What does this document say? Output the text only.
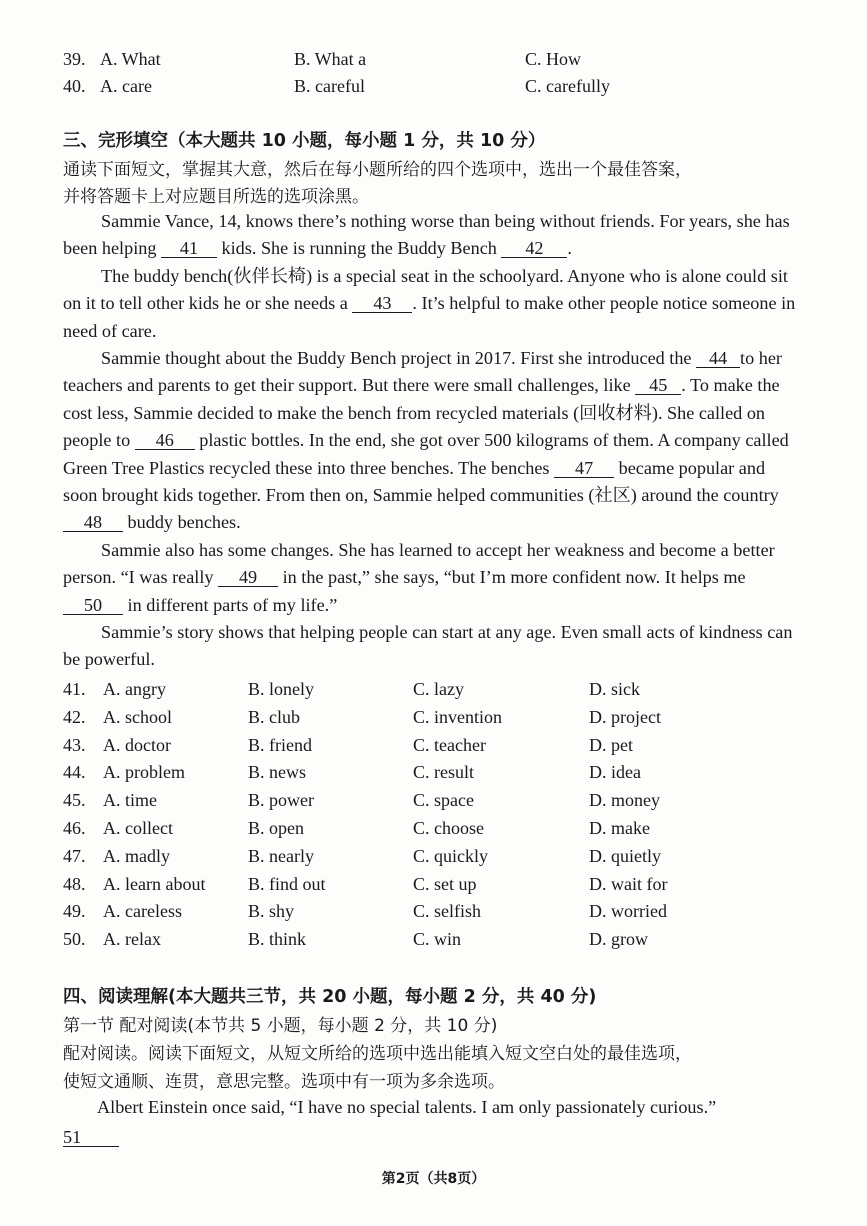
39. A. What	B. What a	C. How
40. A. care	B. careful	C. carefully
三、完形填空（本大题共 10 小题，每小题 1 分，共 10 分）
通读下面短文，掌握其大意，然后在每小题所给的四个选项中，选出一个最佳答案，
并将答题卡上对应题目所选的选项涂黑。
Sammie Vance, 14, knows there’s nothing worse than being without friends. For years, she has been helping 41 kids. She is running the Buddy Bench 42 .
The buddy bench(伙伴长椅) is a special seat in the schoolyard. Anyone who is alone could sit on it to tell other kids he or she needs a 43 . It’s helpful to make other people notice someone in need of care.
Sammie thought about the Buddy Bench project in 2017. First she introduced the 44 to her teachers and parents to get their support. But there were small challenges, like 45 . To make the cost less, Sammie decided to make the bench from recycled materials (回收材料). She called on people to 46 plastic bottles. In the end, she got over 500 kilograms of them. A company called Green Tree Plastics recycled these into three benches. The benches 47 became popular and soon brought kids together. From then on, Sammie helped communities (社区) around the country 48 buddy benches.
Sammie also has some changes. She has learned to accept her weakness and become a better person. “I was really 49 in the past,” she says, “but I’m more confident now. It helps me 50 in different parts of my life.”
Sammie’s story shows that helping people can start at any age. Even small acts of kindness can be powerful.
41. A. angry	B. lonely	C. lazy	D. sick
42. A. school	B. club	C. invention	D. project
43. A. doctor	B. friend	C. teacher	D. pet
44. A. problem	B. news	C. result	D. idea
45. A. time	B. power	C. space	D. money
46. A. collect	B. open	C. choose	D. make
47. A. madly	B. nearly	C. quickly	D. quietly
48. A. learn about B. find out	C. set up	D. wait for
49. A. careless	B. shy	C. selfish	D. worried
50. A. relax	B. think	C. win	D. grow
四、阅读理解(本大题共三节，共 20 小题，每小题 2 分，共 40 分)
第一节 配对阅读(本节共 5 小题，每小题 2 分，共 10 分)
配对阅读。阅读下面短文，从短文所给的选项中选出能填入短文空白处的最佳选项，
使短文通顺、连贯，意思完整。选项中有一项为多余选项。
Albert Einstein once said, “I have no special talents. I am only passionately curious.”
51
第2页（共8页）
